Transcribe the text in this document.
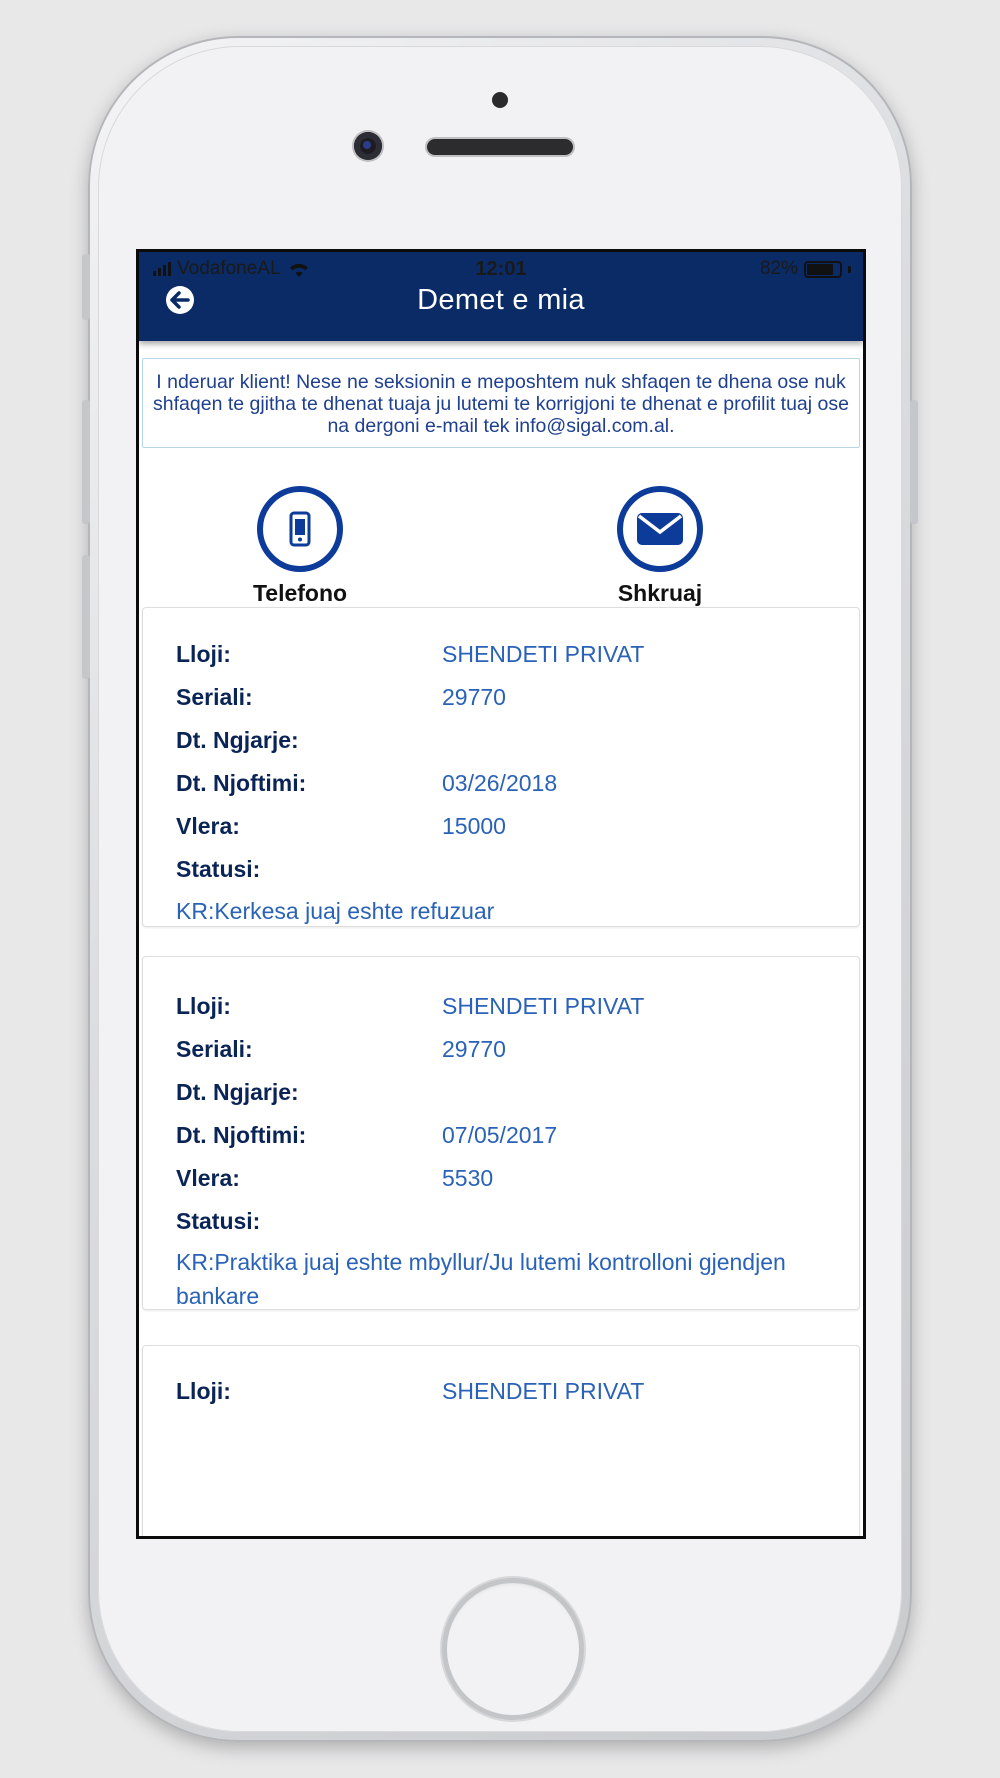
VodafoneAL	12:01	82%
Demet e mia
I nderuar klient! Nese ne seksionin e meposhtem nuk shfaqen te dhena ose nuk shfaqen te gjitha te dhenat tuaja ju lutemi te korrigjoni te dhenat e profilit tuaj ose na dergoni e-mail tek info@sigal.com.al.
Telefono	Shkruaj
Lloji:	SHENDETI PRIVAT
Seriali:	29770
Dt. Ngjarje:
Dt. Njoftimi:	03/26/2018
Vlera:	15000
Statusi:
KR:Kerkesa juaj eshte refuzuar
Lloji:	SHENDETI PRIVAT
Seriali:	29770
Dt. Ngjarje:
Dt. Njoftimi:	07/05/2017
Vlera:	5530
Statusi:
KR:Praktika juaj eshte mbyllur/Ju lutemi kontrolloni gjendjen bankare
Lloji:	SHENDETI PRIVAT
